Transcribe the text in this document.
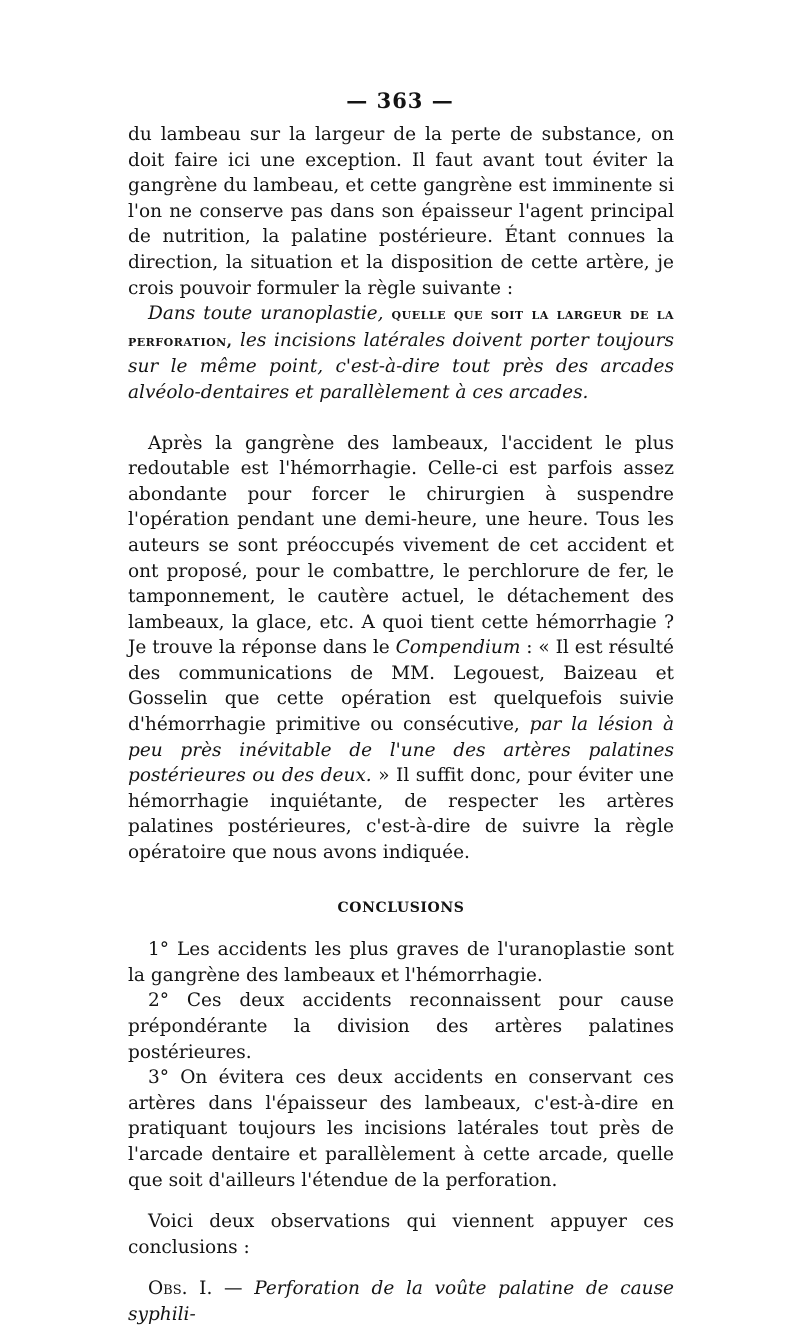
— 363 —

du lambeau sur la largeur de la perte de substance, on doit faire ici une exception. Il faut avant tout éviter la gangrène du lambeau, et cette gangrène est imminente si l'on ne conserve pas dans son épaisseur l'agent principal de nutrition, la palatine postérieure. Étant connues la direction, la situation et la disposition de cette artère, je crois pouvoir formuler la règle suivante :

Dans toute uranoplastie, quelle que soit la largeur de la perforation, les incisions latérales doivent porter toujours sur le même point, c'est-à-dire tout près des arcades alvéolo-dentaires et parallèlement à ces arcades.

Après la gangrène des lambeaux, l'accident le plus redoutable est l'hémorrhagie. Celle-ci est parfois assez abondante pour forcer le chirurgien à suspendre l'opération pendant une demi-heure, une heure. Tous les auteurs se sont préoccupés vivement de cet accident et ont proposé, pour le combattre, le perchlorure de fer, le tamponnement, le cautère actuel, le détachement des lambeaux, la glace, etc. A quoi tient cette hémorrhagie ? Je trouve la réponse dans le Compendium : « Il est résulté des communications de MM. Legouest, Baizeau et Gosselin que cette opération est quelquefois suivie d'hémorrhagie primitive ou consécutive, par la lésion à peu près inévitable de l'une des artères palatines postérieures ou des deux. » Il suffit donc, pour éviter une hémorrhagie inquiétante, de respecter les artères palatines postérieures, c'est-à-dire de suivre la règle opératoire que nous avons indiquée.

CONCLUSIONS

1° Les accidents les plus graves de l'uranoplastie sont la gangrène des lambeaux et l'hémorrhagie.

2° Ces deux accidents reconnaissent pour cause prépondérante la division des artères palatines postérieures.

3° On évitera ces deux accidents en conservant ces artères dans l'épaisseur des lambeaux, c'est-à-dire en pratiquant toujours les incisions latérales tout près de l'arcade dentaire et parallèlement à cette arcade, quelle que soit d'ailleurs l'étendue de la perforation.

Voici deux observations qui viennent appuyer ces conclusions :

Obs. I. — Perforation de la voûte palatine de cause syphili-
